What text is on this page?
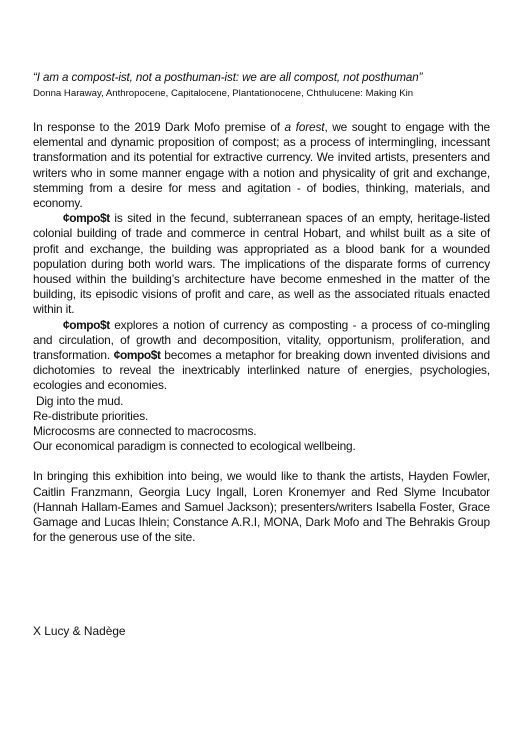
“I am a compost-ist, not a posthuman-ist: we are all compost, not posthuman”
Donna Haraway, Anthropocene, Capitalocene, Plantationocene, Chthulucene: Making Kin

In response to the 2019 Dark Mofo premise of a forest, we sought to engage with the elemental and dynamic proposition of compost; as a process of intermingling, incessant transformation and its potential for extractive currency. We invited artists, presenters and writers who in some manner engage with a notion and physicality of grit and exchange, stemming from a desire for mess and agitation - of bodies, thinking, materials, and economy.

¢ompo$t is sited in the fecund, subterranean spaces of an empty, heritage-listed colonial building of trade and commerce in central Hobart, and whilst built as a site of profit and exchange, the building was appropriated as a blood bank for a wounded population during both world wars. The implications of the disparate forms of currency housed within the building’s architecture have become enmeshed in the matter of the building, its episodic visions of profit and care, as well as the associated rituals enacted within it.

¢ompo$t explores a notion of currency as composting - a process of co-mingling and circulation, of growth and decomposition, vitality, opportunism, proliferation, and transformation. ¢ompo$t becomes a metaphor for breaking down invented divisions and dichotomies to reveal the inextricably interlinked nature of energies, psychologies, ecologies and economies.

Dig into the mud.

Re-distribute priorities.

Microcosms are connected to macrocosms.

Our economical paradigm is connected to ecological wellbeing.

In bringing this exhibition into being, we would like to thank the artists, Hayden Fowler, Caitlin Franzmann, Georgia Lucy Ingall, Loren Kronemyer and Red Slyme Incubator (Hannah Hallam-Eames and Samuel Jackson); presenters/writers Isabella Foster, Grace Gamage and Lucas Ihlein; Constance A.R.I, MONA, Dark Mofo and The Behrakis Group for the generous use of the site.

X Lucy & Nadège
